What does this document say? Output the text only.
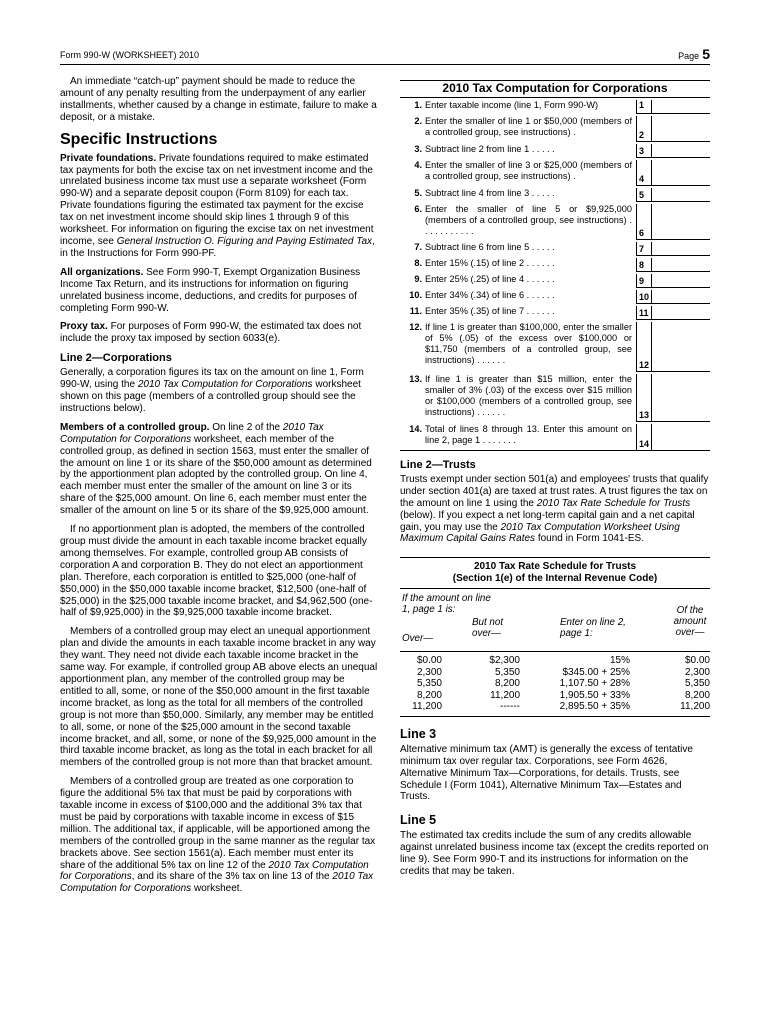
Form 990-W (WORKSHEET) 2010	Page 5

An immediate “catch-up” payment should be made to reduce the amount of any penalty resulting from the underpayment of any earlier installments, whether caused by a change in estimate, failure to make a deposit, or a mistake.

Specific Instructions

Private foundations. Private foundations required to make estimated tax payments for both the excise tax on net investment income and the unrelated business income tax must use a separate worksheet (Form 990-W) and a separate deposit coupon (Form 8109) for each tax. Private foundations figuring the estimated tax payment for the excise tax on net investment income should skip lines 1 through 9 of this worksheet. For information on figuring the excise tax on net investment income, see General Instruction O. Figuring and Paying Estimated Tax, in the Instructions for Form 990-PF.

All organizations. See Form 990-T, Exempt Organization Business Income Tax Return, and its instructions for information on figuring unrelated business income, deductions, and credits for purposes of completing Form 990-W.

Proxy tax. For purposes of Form 990-W, the estimated tax does not include the proxy tax imposed by section 6033(e).

Line 2—Corporations

Generally, a corporation figures its tax on the amount on line 1, Form 990-W, using the 2010 Tax Computation for Corporations worksheet shown on this page (members of a controlled group should see the instructions below).

Members of a controlled group. On line 2 of the 2010 Tax Computation for Corporations worksheet, each member of the controlled group, as defined in section 1563, must enter the smaller of the amount on line 1 or its share of the $50,000 amount as determined by the apportionment plan adopted by the controlled group. On line 4, each member must enter the smaller of the amount on line 3 or its share of the $25,000 amount. On line 6, each member must enter the smaller of the amount on line 5 or its share of the $9,925,000 amount.

If no apportionment plan is adopted, the members of the controlled group must divide the amount in each taxable income bracket equally among themselves. For example, controlled group AB consists of corporation A and corporation B. They do not elect an apportionment plan. Therefore, each corporation is entitled to $25,000 (one-half of $50,000) in the $50,000 taxable income bracket, $12,500 (one-half of $25,000) in the $25,000 taxable income bracket, and $4,962,500 (one-half of $9,925,000) in the $9,925,000 taxable income bracket.

Members of a controlled group may elect an unequal apportionment plan and divide the amounts in each taxable income bracket in any way they want. They need not divide each taxable income bracket in the same way. For example, if controlled group AB above elects an unequal apportionment plan, any member of the controlled group may be entitled to all, some, or none of the $50,000 amount in the first taxable income bracket, as long as the total for all members of the controlled group is not more than $50,000. Similarly, any member may be entitled to all, some, or none of the $25,000 amount in the second taxable income bracket, and all, some, or none of the $9,925,000 amount in the third taxable income bracket, as long as the total in each bracket for all members of the controlled group is not more than that bracket amount.

Members of a controlled group are treated as one corporation to figure the additional 5% tax that must be paid by corporations with taxable income in excess of $100,000 and the additional 3% tax that must be paid by corporations with taxable income in excess of $15 million. The additional tax, if applicable, will be apportioned among the members of the controlled group in the same manner as the regular tax brackets above. See section 1561(a). Each member must enter its share of the additional 5% tax on line 12 of the 2010 Tax Computation for Corporations, and its share of the 3% tax on line 13 of the 2010 Tax Computation for Corporations worksheet.

2010 Tax Computation for Corporations
1. Enter taxable income (line 1, Form 990-W)	1
2. Enter the smaller of line 1 or $50,000 (members of a controlled group, see instructions) .	2
3. Subtract line 2 from line 1 . . . . .	3
4. Enter the smaller of line 3 or $25,000 (members of a controlled group, see instructions) .	4
5. Subtract line 4 from line 3 . . . . .	5
6. Enter the smaller of line 5 or $9,925,000 (members of a controlled group, see instructions) . . . . . . . . . . .	6
7. Subtract line 6 from line 5 . . . . .	7
8. Enter 15% (.15) of line 2 . . . . . .	8
9. Enter 25% (.25) of line 4 . . . . . .	9
10. Enter 34% (.34) of line 6 . . . . . .	10
11. Enter 35% (.35) of line 7 . . . . . .	11
12. If line 1 is greater than $100,000, enter the smaller of 5% (.05) of the excess over $100,000 or $11,750 (members of a controlled group, see instructions) . . . . . .	12
13. If line 1 is greater than $15 million, enter the smaller of 3% (.03) of the excess over $15 million or $100,000 (members of a controlled group, see instructions) . . . . . .	13
14. Total of lines 8 through 13. Enter this amount on line 2, page 1 . . . . . . .	14
Line 2—Trusts

Trusts exempt under section 501(a) and employees' trusts that qualify under section 401(a) are taxed at trust rates. A trust figures the tax on the amount on line 1 using the 2010 Tax Rate Schedule for Trusts (below). If you expect a net long-term capital gain and a net capital gain, you may use the 2010 Tax Computation Worksheet Using Maximum Capital Gains Rates found in Form 1041-ES.

2010 Tax Rate Schedule for Trusts
(Section 1(e) of the Internal Revenue Code)
If the amount on line 1, page 1 is:
Over—
But not over—
Enter on line 2, page 1:
Of the amount over—
$0.00	$2,300	15%	$0.00
2,300	5,350	$345.00 + 25%	2,300
5,350	8,200	1,107.50 + 28%	5,350
8,200	11,200	1,905.50 + 33%	8,200
11,200	------	2,895.50 + 35%	11,200
Line 3

Alternative minimum tax (AMT) is generally the excess of tentative minimum tax over regular tax. Corporations, see Form 4626, Alternative Minimum Tax—Corporations, for details. Trusts, see Schedule I (Form 1041), Alternative Minimum Tax—Estates and Trusts.

Line 5

The estimated tax credits include the sum of any credits allowable against unrelated business income tax (except the credits reported on line 9). See Form 990-T and its instructions for information on the credits that may be taken.
